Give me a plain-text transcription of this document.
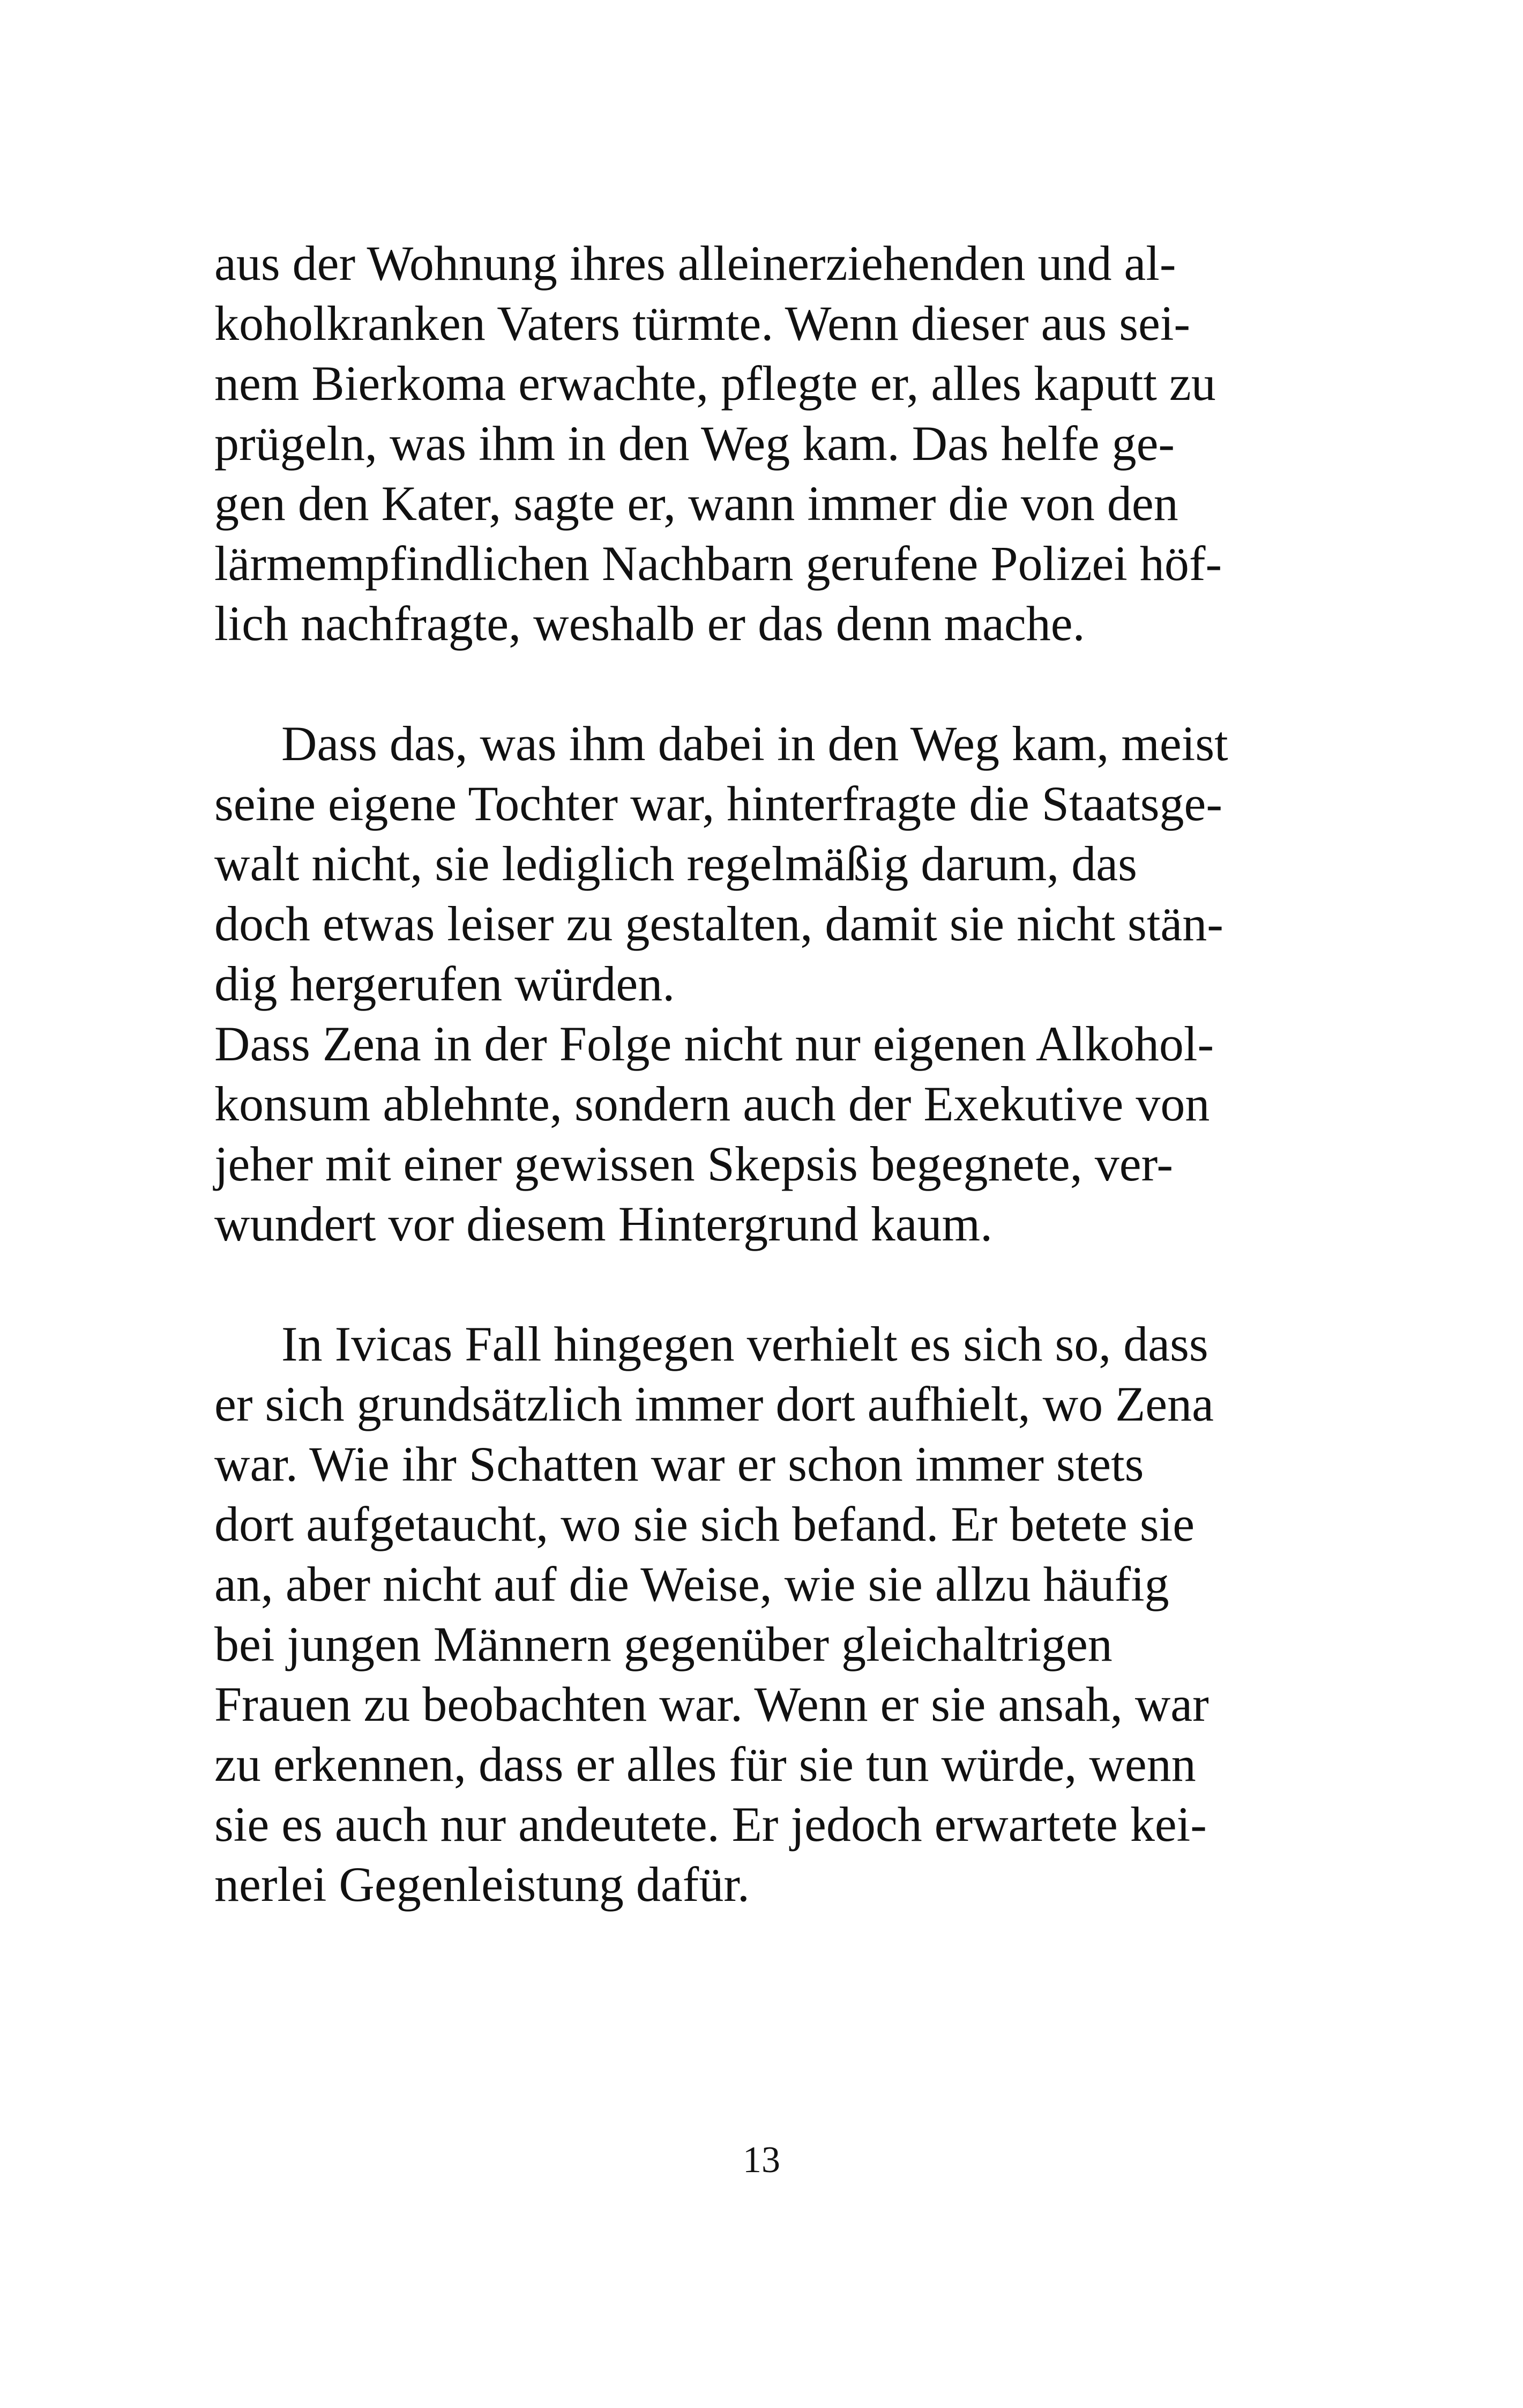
aus der Wohnung ihres alleinerziehenden und al-
koholkranken Vaters türmte. Wenn dieser aus sei-
nem Bierkoma erwachte, pflegte er, alles kaputt zu
prügeln, was ihm in den Weg kam. Das helfe ge-
gen den Kater, sagte er, wann immer die von den
lärmempfindlichen Nachbarn gerufene Polizei höf-
lich nachfragte, weshalb er das denn mache.
Dass das, was ihm dabei in den Weg kam, meist
seine eigene Tochter war, hinterfragte die Staatsge-
walt nicht, sie lediglich regelmäßig darum, das
doch etwas leiser zu gestalten, damit sie nicht stän-
dig hergerufen würden.
Dass Zena in der Folge nicht nur eigenen Alkohol-
konsum ablehnte, sondern auch der Exekutive von
jeher mit einer gewissen Skepsis begegnete, ver-
wundert vor diesem Hintergrund kaum.
In Ivicas Fall hingegen verhielt es sich so, dass
er sich grundsätzlich immer dort aufhielt, wo Zena
war. Wie ihr Schatten war er schon immer stets
dort aufgetaucht, wo sie sich befand. Er betete sie
an, aber nicht auf die Weise, wie sie allzu häufig
bei jungen Männern gegenüber gleichaltrigen
Frauen zu beobachten war. Wenn er sie ansah, war
zu erkennen, dass er alles für sie tun würde, wenn
sie es auch nur andeutete. Er jedoch erwartete kei-
nerlei Gegenleistung dafür.
13
